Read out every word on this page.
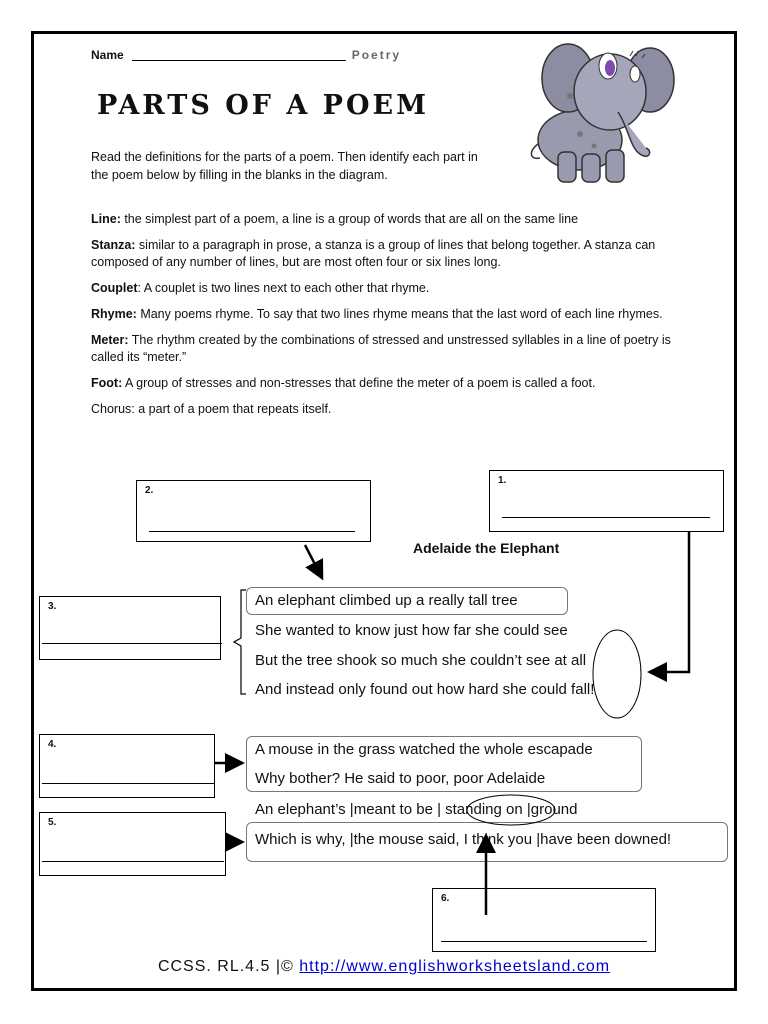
Name	Poetry
PARTS OF A POEM
Read the definitions for the parts of a poem. Then identify each part in the poem below by filling in the blanks in the diagram.

Line: the simplest part of a poem, a line is a group of words that are all on the same line

Stanza: similar to a paragraph in prose, a stanza is a group of lines that belong together. A stanza can composed of any number of lines, but are most often four or six lines long.

Couplet: A couplet is two lines next to each other that rhyme.

Rhyme: Many poems rhyme. To say that two lines rhyme means that the last word of each line rhymes.

Meter: The rhythm created by the combinations of stressed and unstressed syllables in a line of poetry is called its “meter.”

Foot: A group of stresses and non-stresses that define the meter of a poem is called a foot.

Chorus: a part of a poem that repeats itself.

1.
2.
3.
4.
5.
6.
Adelaide the Elephant
An elephant climbed up a really tall tree
She wanted to know just how far she could see
But the tree shook so much she couldn’t see at all
And instead only found out how hard she could fall!
A mouse in the grass watched the whole escapade
Why bother? He said to poor, poor Adelaide
An elephant’s |meant to be | standing on |ground
Which is why, |the mouse said, I think you |have been downed!
CCSS. RL.4.5 |© http://www.englishworksheetsland.com
